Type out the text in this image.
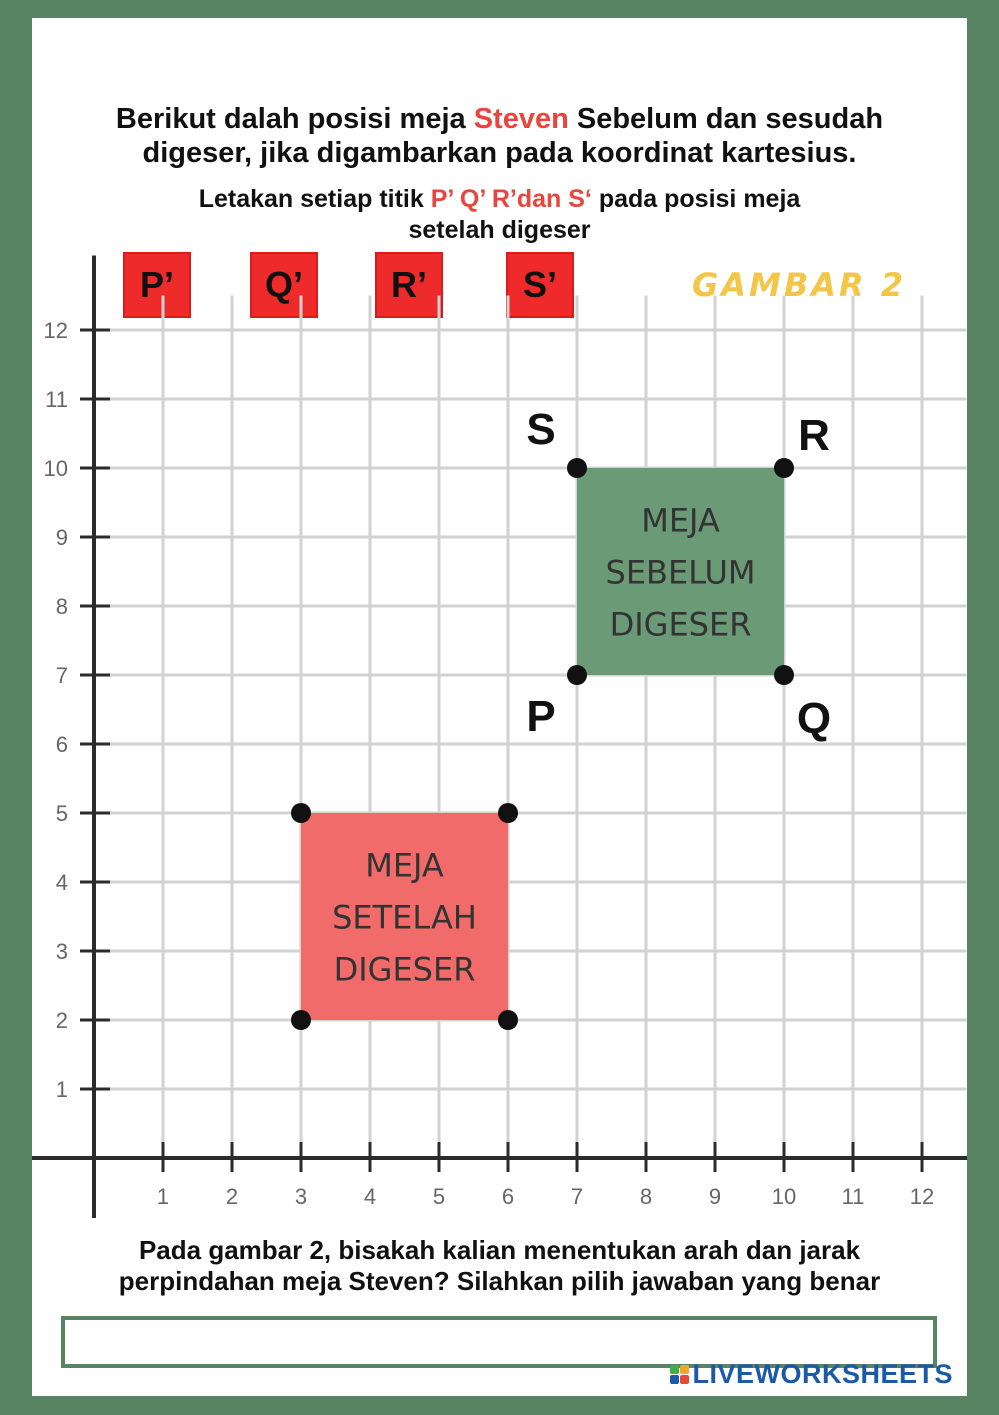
Berikut dalah posisi meja Steven Sebelum dan sesudah
digeser, jika digambarkan pada koordinat kartesius.
Letakan setiap titik P’ Q’ R’dan S‘ pada posisi meja
setelah digeser
P’	Q’	R’	S’	GAMBAR 2
1
2
3
4
5
6
7
8
9
10
11
12
1	2	3	4	5	6	7	8	9 10 11 12
MEJA
SEBELUM
DIGESER
MEJA
SETELAH
DIGESER
P	Q
R
S
Pada gambar 2, bisakah kalian menentukan arah dan jarak
perpindahan meja Steven? Silahkan pilih jawaban yang benar
LIVEWORKSHEETS
